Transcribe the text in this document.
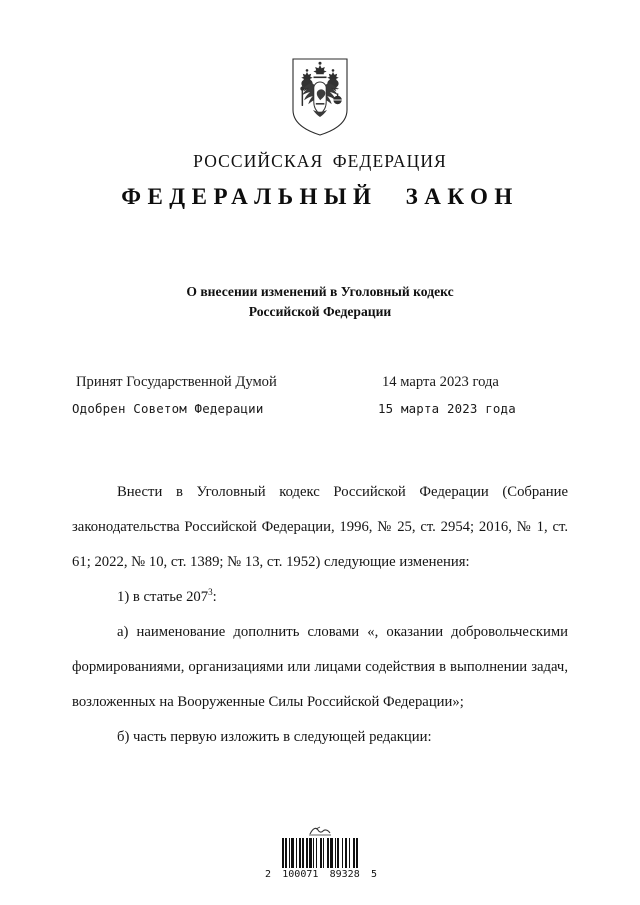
РОССИЙСКАЯ ФЕДЕРАЦИЯ
ФЕДЕРАЛЬНЫЙ ЗАКОН
О внесении изменений в Уголовный кодекс
Российской Федерации
Принят Государственной Думой	14 марта 2023 года
Одобрен Советом Федерации	15 марта 2023 года

Внести в Уголовный кодекс Российской Федерации (Собрание законодательства Российской Федерации, 1996, № 25, ст. 2954; 2016, № 1, ст. 61; 2022, № 10, ст. 1389; № 13, ст. 1952) следующие изменения:

1) в статье $207^3$:

а) наименование дополнить словами «, оказании добровольческими формированиями, организациями или лицами содействия в выполнении задач, возложенных на Вооруженные Силы Российской Федерации»;

б) часть первую изложить в следующей редакции:

2 100071 89328 5
